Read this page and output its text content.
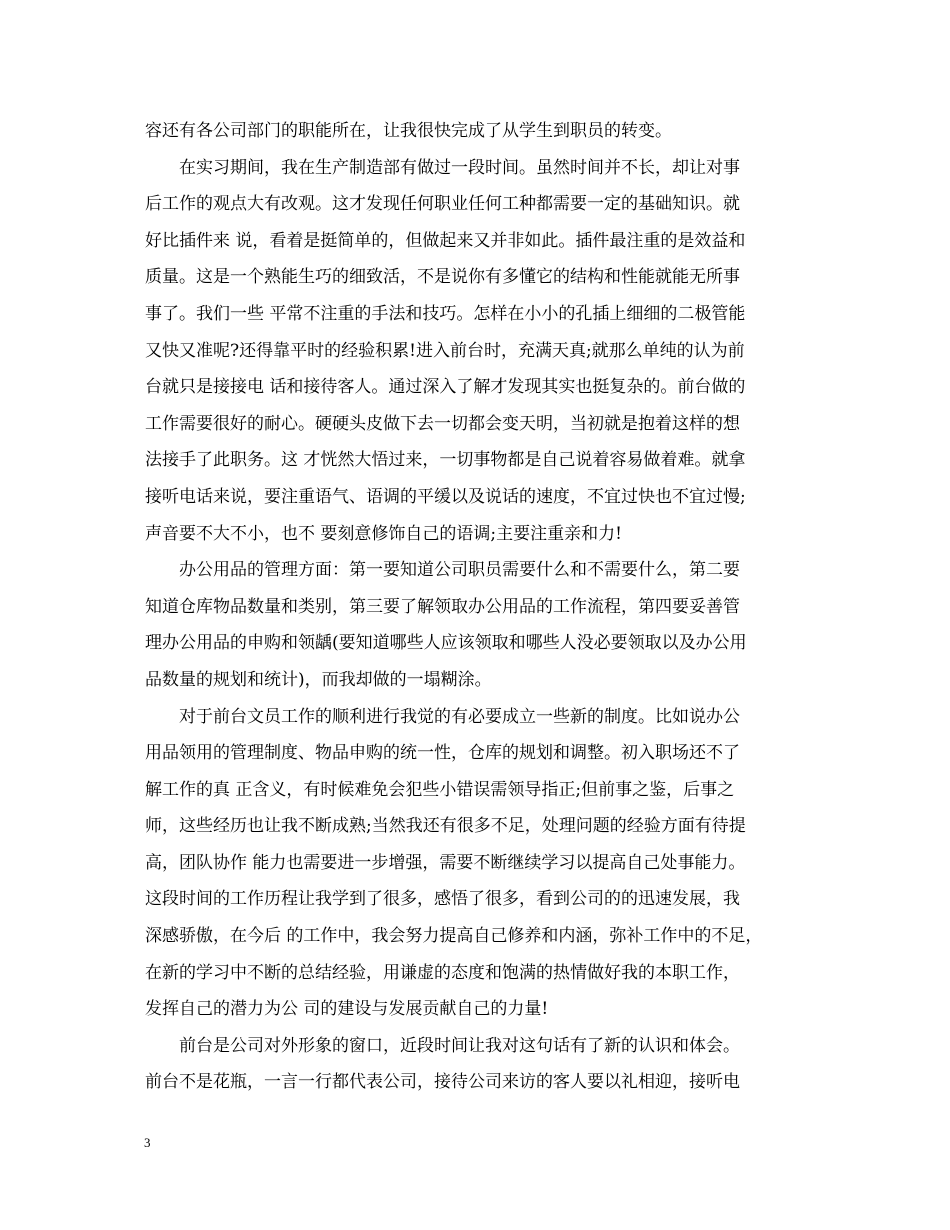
容还有各公司部门的职能所在，让我很快完成了从学生到职员的转变。
在实习期间，我在生产制造部有做过一段时间。虽然时间并不长，却让对事
后工作的观点大有改观。这才发现任何职业任何工种都需要一定的基础知识。就
好比插件来 说，看着是挺简单的，但做起来又并非如此。插件最注重的是效益和
质量。这是一个熟能生巧的细致活，不是说你有多懂它的结构和性能就能无所事
事了。我们一些 平常不注重的手法和技巧。怎样在小小的孔插上细细的二极管能
又快又准呢?还得靠平时的经验积累!进入前台时，充满天真;就那么单纯的认为前
台就只是接接电 话和接待客人。通过深入了解才发现其实也挺复杂的。前台做的
工作需要很好的耐心。硬硬头皮做下去一切都会变天明，当初就是抱着这样的想
法接手了此职务。这 才恍然大悟过来，一切事物都是自己说着容易做着难。就拿
接听电话来说，要注重语气、语调的平缓以及说话的速度，不宜过快也不宜过慢;
声音要不大不小，也不 要刻意修饰自己的语调;主要注重亲和力!
办公用品的管理方面：第一要知道公司职员需要什么和不需要什么，第二要
知道仓库物品数量和类别，第三要了解领取办公用品的工作流程，第四要妥善管
理办公用品的申购和领龋(要知道哪些人应该领取和哪些人没必要领取以及办公用
品数量的规划和统计)，而我却做的一塌糊涂。
对于前台文员工作的顺利进行我觉的有必要成立一些新的制度。比如说办公
用品领用的管理制度、物品申购的统一性，仓库的规划和调整。初入职场还不了
解工作的真 正含义，有时候难免会犯些小错误需领导指正;但前事之鉴，后事之
师，这些经历也让我不断成熟;当然我还有很多不足，处理问题的经验方面有待提
高，团队协作 能力也需要进一步增强，需要不断继续学习以提高自己处事能力。
这段时间的工作历程让我学到了很多，感悟了很多，看到公司的的迅速发展，我
深感骄傲，在今后 的工作中，我会努力提高自己修养和内涵，弥补工作中的不足，
在新的学习中不断的总结经验，用谦虚的态度和饱满的热情做好我的本职工作，
发挥自己的潜力为公 司的建设与发展贡献自己的力量!
前台是公司对外形象的窗口，近段时间让我对这句话有了新的认识和体会。
前台不是花瓶，一言一行都代表公司，接待公司来访的客人要以礼相迎，接听电
3
